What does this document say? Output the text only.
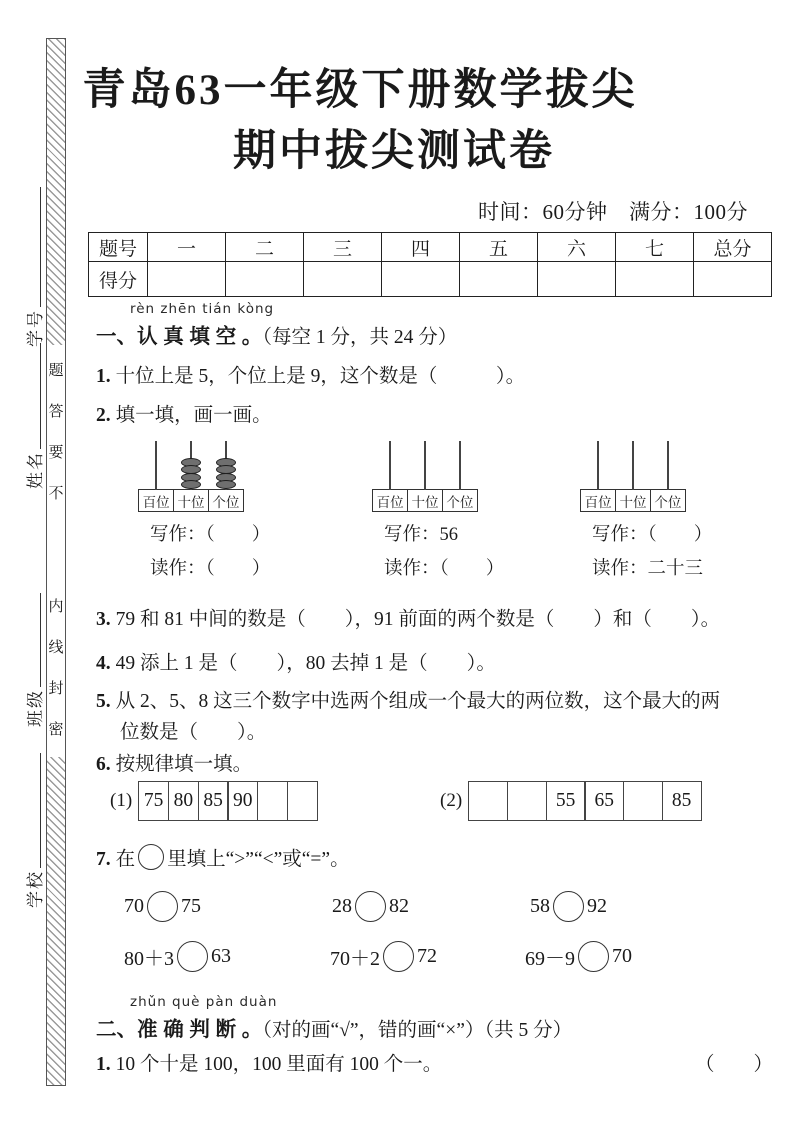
学号
姓名
班级
学校
题
答
要
不
内
线
封
密
青岛63一年级下册数学拔尖
期中拔尖测试卷
时间：60分钟　满分：100分
题号	一	二	三	四	五	六	七	总分
得分								
rèn zhēn tián kòng
一、认 真 填 空 。（每空 1 分，共 24 分）
1. 十位上是 5，个位上是 9，这个数是（　　　）。
2. 填一填，画一画。
百位 十位 个位
写作：（　　）
读作：（　　）
百位 十位 个位
写作：56
读作：（　　）
百位 十位 个位
写作：（　　）
读作：二十三
3. 79 和 81 中间的数是（　　），91 前面的两个数是（　　）和（　　）。
4. 49 添上 1 是（　　），80 去掉 1 是（　　）。
5. 从 2、5、8 这三个数字中选两个组成一个最大的两位数，这个最大的两
位数是（　　）。
6. 按规律填一填。
(1) 75 80 85 90	(2)	55 65	85
7. 在 里填上“>”“<”或“=”。
70 75	28 82	58 92
80＋3 63	70＋2 72	69－9 70
zhǔn què pàn duàn
二、准 确 判 断 。（对的画“√”，错的画“×”）（共 5 分）
1. 10 个十是 100，100 里面有 100 个一。	（　　）
